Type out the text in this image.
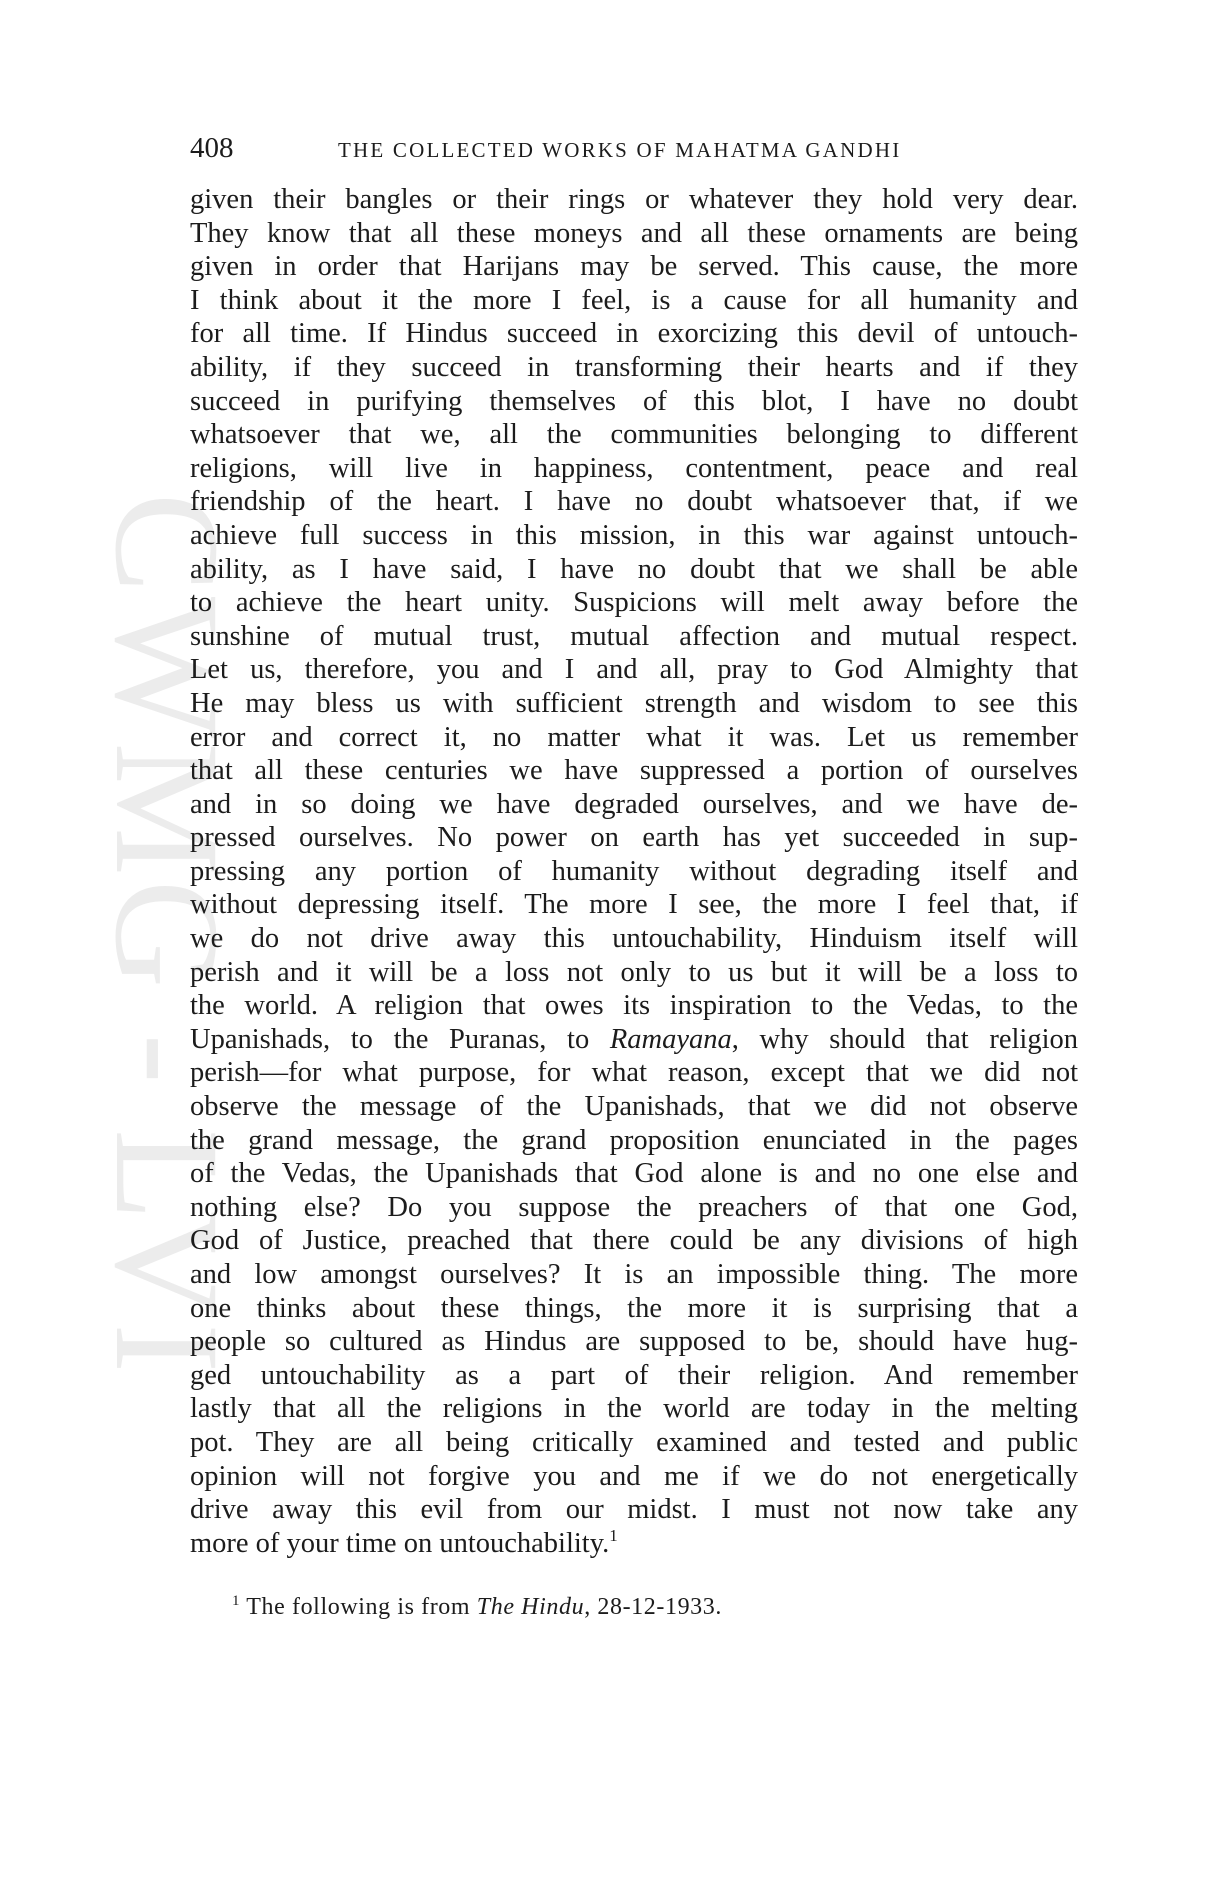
CWMG - LVI
408	THE COLLECTED WORKS OF MAHATMA GANDHI
given their bangles or their rings or whatever they hold very dear.
They know that all these moneys and all these ornaments are being
given in order that Harijans may be served. This cause, the more
I think about it the more I feel, is a cause for all humanity and
for all time. If Hindus succeed in exorcizing this devil of untouch-
ability, if they succeed in transforming their hearts and if they
succeed in purifying themselves of this blot, I have no doubt
whatsoever that we, all the communities belonging to different
religions, will live in happiness, contentment, peace and real
friendship of the heart. I have no doubt whatsoever that, if we
achieve full success in this mission, in this war against untouch-
ability, as I have said, I have no doubt that we shall be able
to achieve the heart unity. Suspicions will melt away before the
sunshine of mutual trust, mutual affection and mutual respect.
Let us, therefore, you and I and all, pray to God Almighty that
He may bless us with sufficient strength and wisdom to see this
error and correct it, no matter what it was. Let us remember
that all these centuries we have suppressed a portion of ourselves
and in so doing we have degraded ourselves, and we have de-
pressed ourselves. No power on earth has yet succeeded in sup-
pressing any portion of humanity without degrading itself and
without depressing itself. The more I see, the more I feel that, if
we do not drive away this untouchability, Hinduism itself will
perish and it will be a loss not only to us but it will be a loss to
the world. A religion that owes its inspiration to the Vedas, to the
Upanishads, to the Puranas, to Ramayana, why should that religion
perish—for what purpose, for what reason, except that we did not
observe the message of the Upanishads, that we did not observe
the grand message, the grand proposition enunciated in the pages
of the Vedas, the Upanishads that God alone is and no one else and
nothing else? Do you suppose the preachers of that one God,
God of Justice, preached that there could be any divisions of high
and low amongst ourselves? It is an impossible thing. The more
one thinks about these things, the more it is surprising that a
people so cultured as Hindus are supposed to be, should have hug-
ged untouchability as a part of their religion. And remember
lastly that all the religions in the world are today in the melting
pot. They are all being critically examined and tested and public
opinion will not forgive you and me if we do not energetically
drive away this evil from our midst. I must not now take any
more of your time on untouchability.$^1$
$^1$ The following is from The Hindu, 28-12-1933.
